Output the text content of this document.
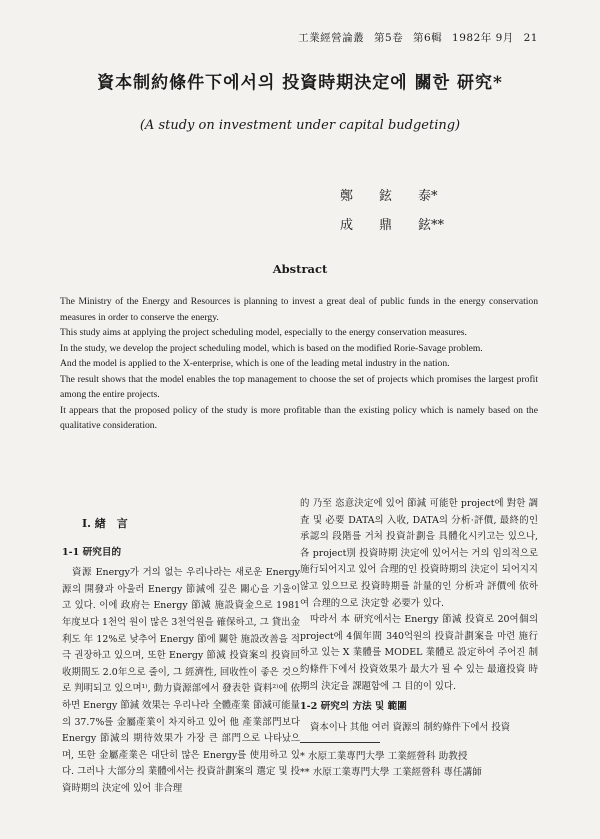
工業經營論叢 第5卷 第6輯 1982年 9月 21
資本制約條件下에서의 投資時期決定에 關한 研究*
(A study on investment under capital budgeting)
鄭　　鉉　　泰*
成　　鼎　　鉉**
Abstract

The Ministry of the Energy and Resources is planning to invest a great deal of public funds in the energy conservation measures in order to conserve the energy.

This study aims at applying the project scheduling model, especially to the energy conservation measures.

In the study, we develop the project scheduling model, which is based on the modified Rorie-Savage problem.

And the model is applied to the X-enterprise, which is one of the leading metal industry in the nation.

The result shows that the model enables the top management to choose the set of projects which promises the largest profit among the entire projects.

It appears that the proposed policy of the study is more profitable than the existing policy which is namely based on the qualitative consideration.

Ⅰ. 緖　言
1-1 研究目的

資源 Energy가 거의 없는 우리나라는 새로운 Energy 源의 開發과 아울러 Energy 節減에 깊은 關心을 기울이고 있다. 이에 政府는 Energy 節減 施設資金으로 1981年度보다 1천억 원이 많은 3천억원을 確保하고, 그 貸出金利도 年 12%로 낮추어 Energy 節에 關한 施設改善을 적극 권장하고 있으며, 또한 Energy 節減 投資案의 投資回收期間도 2.0年으로 줄이, 그 經濟性, 回收性이 좋은 것으로 判明되고 있으며¹⁾, 動力資源部에서 發表한 資料²⁾에 依하면 Energy 節減 效果는 우리나라 全體產業 節減可能量의 37.7%를 金屬產業이 차지하고 있어 他 產業部門보다 Energy 節減의 期待效果가 가장 큰 部門으로 나타났으며, 또한 金屬產業은 대단히 많은 Energy를 使用하고 있다. 그러나 大部分의 業體에서는 投資計劃案의 選定 및 投資時期의 決定에 있어 非合理

的 乃至 恣意決定에 있어 節減 可能한 project에 對한 調査 및 必要 DATA의 入收, DATA의 分析·評價, 最終的인 承認의 段階를 거처 投資計劃을 具體化시키고는 있으나, 各 project別 投資時期 決定에 있어서는 거의 임의적으로 施行되어지고 있어 合理的인 投資時期의 決定이 되어지지 않고 있으므로 投資時期를 計量的인 分析과 評價에 依하여 合理的으로 決定할 必要가 있다.

따라서 本 研究에서는 Energy 節減 投資로 20여個의 project에 4個年間 340억원의 投資計劃案을 마련 施行하고 있는 X 業體를 MODEL 業體로 設定하여 주어진 制約條件下에서 投資效果가 最大가 될 수 있는 最適投資 時期의 決定을 課題함에 그 目的이 있다.

1-2 研究의 方法 및 範圍

資本이나 其他 여러 資源의 制約條件下에서 投資

* 水原工業專門大學 工業經營科 助教授
** 水原工業專門大學 工業經營科 專任講師
